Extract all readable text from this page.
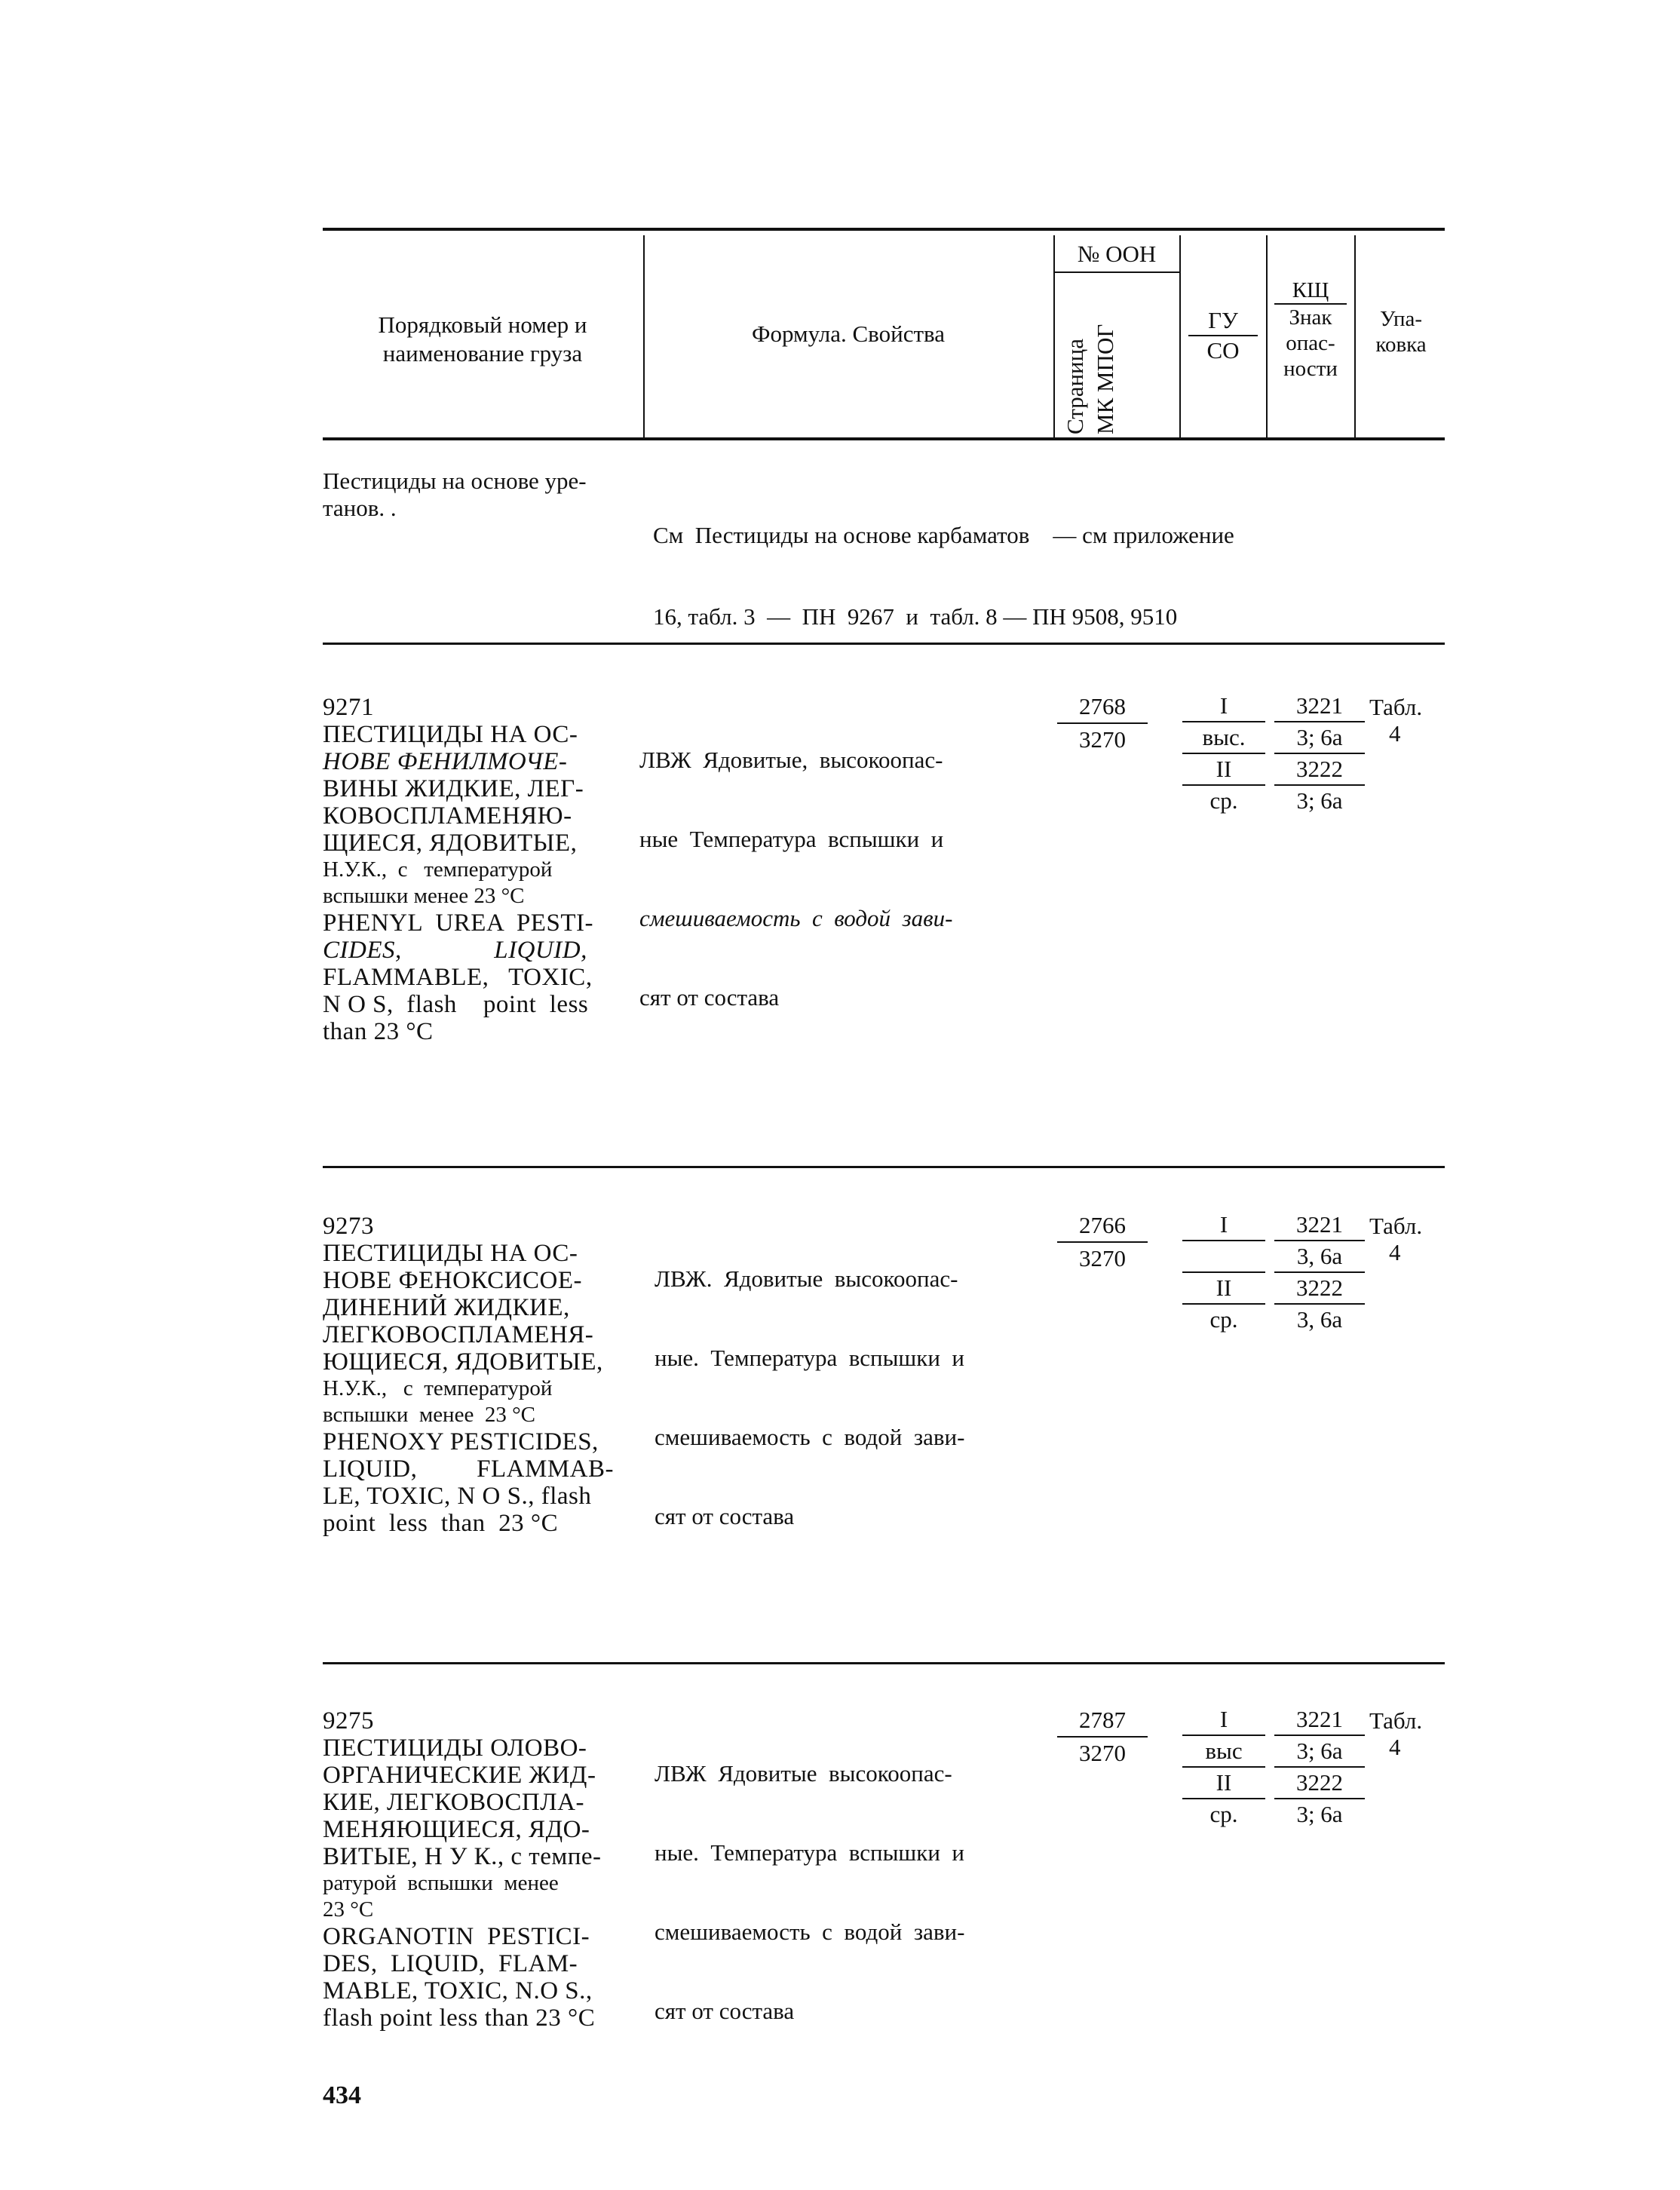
Порядковый номер и
наименование груза
Формула. Свойства
№ ООН
Страница МК МПОГ
ГУ
СО
КЩ
Знак
опас-
ности
Упа-
ковка
Пестициды на основе уре-
танов. .

См  Пестициды на основе карбаматов    — см приложение

16, табл. 3  —  ПН  9267  и  табл. 8 — ПН 9508, 9510

9271
ПЕСТИЦИДЫ НА ОС-
НОВЕ ФЕНИЛМОЧЕ-
ВИНЫ ЖИДКИЕ, ЛЕГ-
КОВОСПЛАМЕНЯЮ-
ЩИЕСЯ, ЯДОВИТЫЕ,
Н.У.К.,  с   температурой
вспышки менее 23 °C
PHENYL  UREA  PESTI-
CIDES,              LIQUID,
FLAMMABLE,   TOXIC,
N O S,  flash    point  less
than 23 °C

ЛВЖ  Ядовитые,  высокоопас-

ные  Температура  вспышки  и

смешиваемость  с  водой  зави-

сят от состава

2768
3270
I
выс.
II
ср.
3221
3; 6а
3222
3; 6а
Табл.
4
9273
ПЕСТИЦИДЫ НА ОС-
НОВЕ ФЕНОКСИСОЕ-
ДИНЕНИЙ ЖИДКИЕ,
ЛЕГКОВОСПЛАМЕНЯ-
ЮЩИЕСЯ, ЯДОВИТЫЕ,
Н.У.К.,   с  температурой
вспышки  менее  23 °C
PHENOXY PESTICIDES,
LIQUID,         FLAMMAB-
LE, TOXIC, N O S., flash
point  less  than  23 °C

ЛВЖ.  Ядовитые  высокоопас-

ные.  Температура  вспышки  и

смешиваемость  с  водой  зави-

сят от состава

2766
3270
I
II
ср.
3221
3, 6а
3222
3, 6а
Табл.
4
9275
ПЕСТИЦИДЫ ОЛОВО-
ОРГАНИЧЕСКИЕ ЖИД-
КИЕ, ЛЕГКОВОСПЛА-
МЕНЯЮЩИЕСЯ, ЯДО-
ВИТЫЕ, Н У К., с темпе-
ратурой  вспышки  менее
23 °C
ORGANOTIN  PESTICI-
DES,  LIQUID,  FLAM-
MABLE, TOXIC, N.O S.,
flash point less than 23 °C

ЛВЖ  Ядовитые  высокоопас-

ные.  Температура  вспышки  и

смешиваемость  с  водой  зави-

сят от состава

2787
3270
I
выс
II
ср.
3221
3; 6а
3222
3; 6а
Табл.
4
434
